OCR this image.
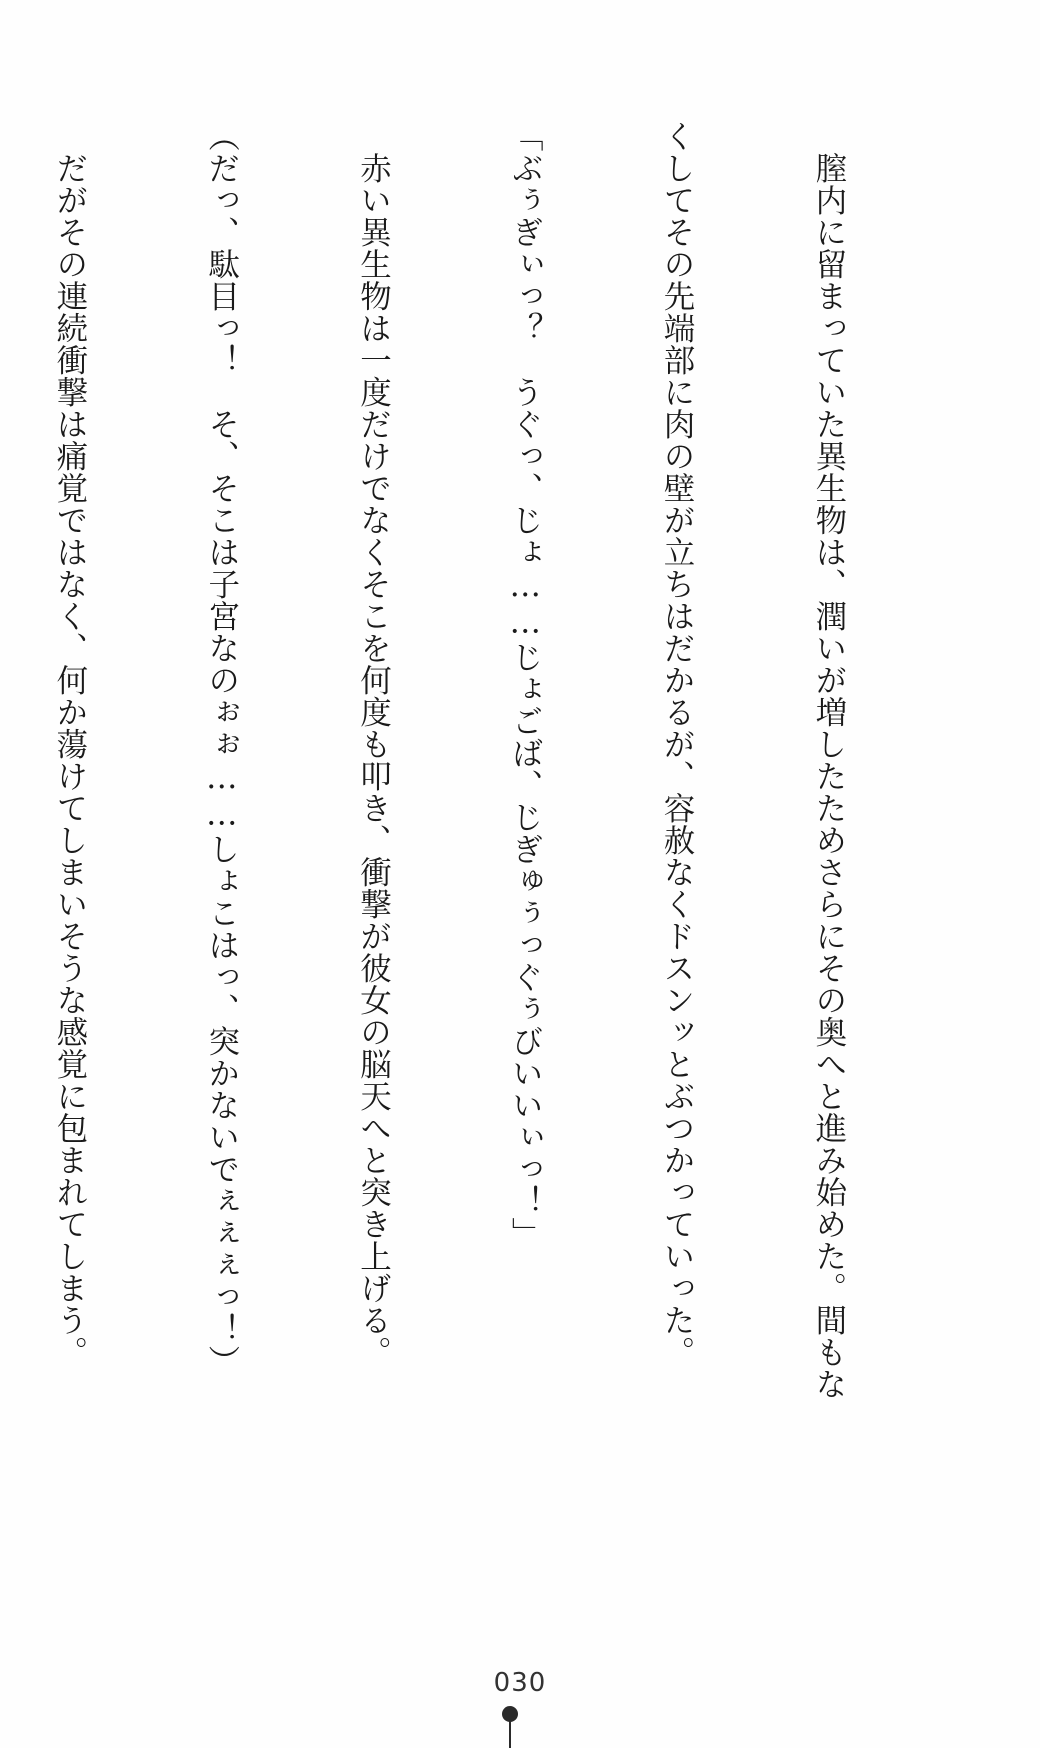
　膣内に留まっていた異生物は、潤いが増したためさらにその奥へと進み始めた。間もな

くしてその先端部に肉の壁が立ちはだかるが、容赦なくドスンッとぶつかっていった。

「ぶぅぎぃっ？　うぐっ、じょ……じょごば、じぎゅぅっぐぅびいいぃっ！」

　赤い異生物は一度だけでなくそこを何度も叩き、衝撃が彼女の脳天へと突き上げる。

（だっ、駄目っ！　そ、そこは子宮なのぉぉ……しょこはっ、突かないでぇぇぇっ！）

　だがその連続衝撃は痛覚ではなく、何か蕩けてしまいそうな感覚に包まれてしまう。

030
